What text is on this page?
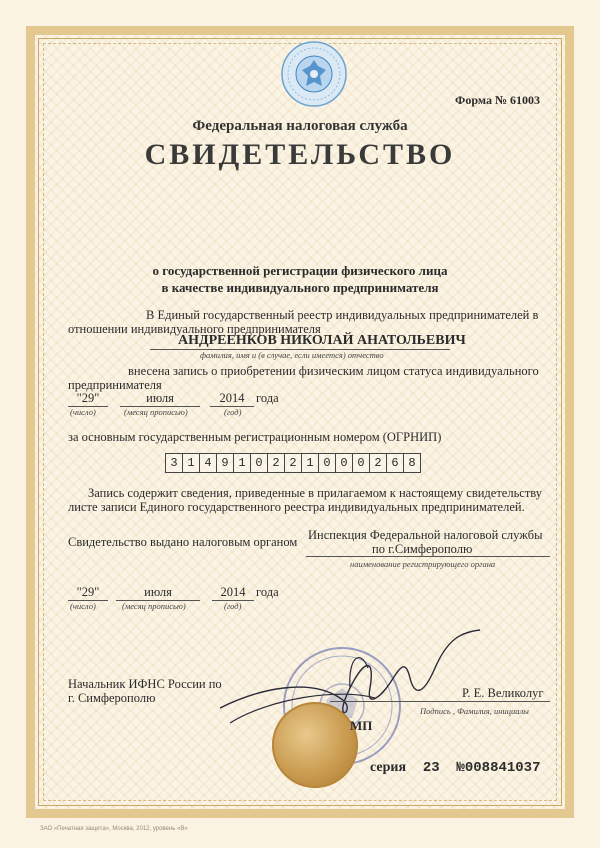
Форма № 61003
Федеральная налоговая служба
СВИДЕТЕЛЬСТВО
о государственной регистрации физического лица
в качестве индивидуального предпринимателя
В Единый государственный реестр индивидуальных предпринимателей в
отношении индивидуального предпринимателя
АНДРЕЕНКОВ НИКОЛАЙ АНАТОЛЬЕВИЧ
фамилия, имя и (в случае, если имеется) отчество
внесена запись о приобретении физическим лицом статуса индивидуального
предпринимателя
"29"	июля	2014 года
(число)	(месяц прописью)	(год)
за основным государственным регистрационным номером (ОГРНИП)
3 1 4 9 1 0 2 2 1 0 0 0 2 6 8
Запись содержит сведения, приведенные в прилагаемом к настоящему свидетельству
листе записи Единого государственного реестра индивидуальных предпринимателей.
Свидетельство выдано налоговым органом Инспекция Федеральной налоговой службы
по г.Симферополю
наименование регистрирующего органа
"29"	июля	2014 года
(число)	(месяц прописью)	(год)
Начальник ИФНС России по
г. Симферополю	Р. Е. Великолуг
Подпись , Фамилия, инициалы
МП
серия 23 №008841037
ЗАО «Печатная защита», Москва, 2012, уровень «В»
